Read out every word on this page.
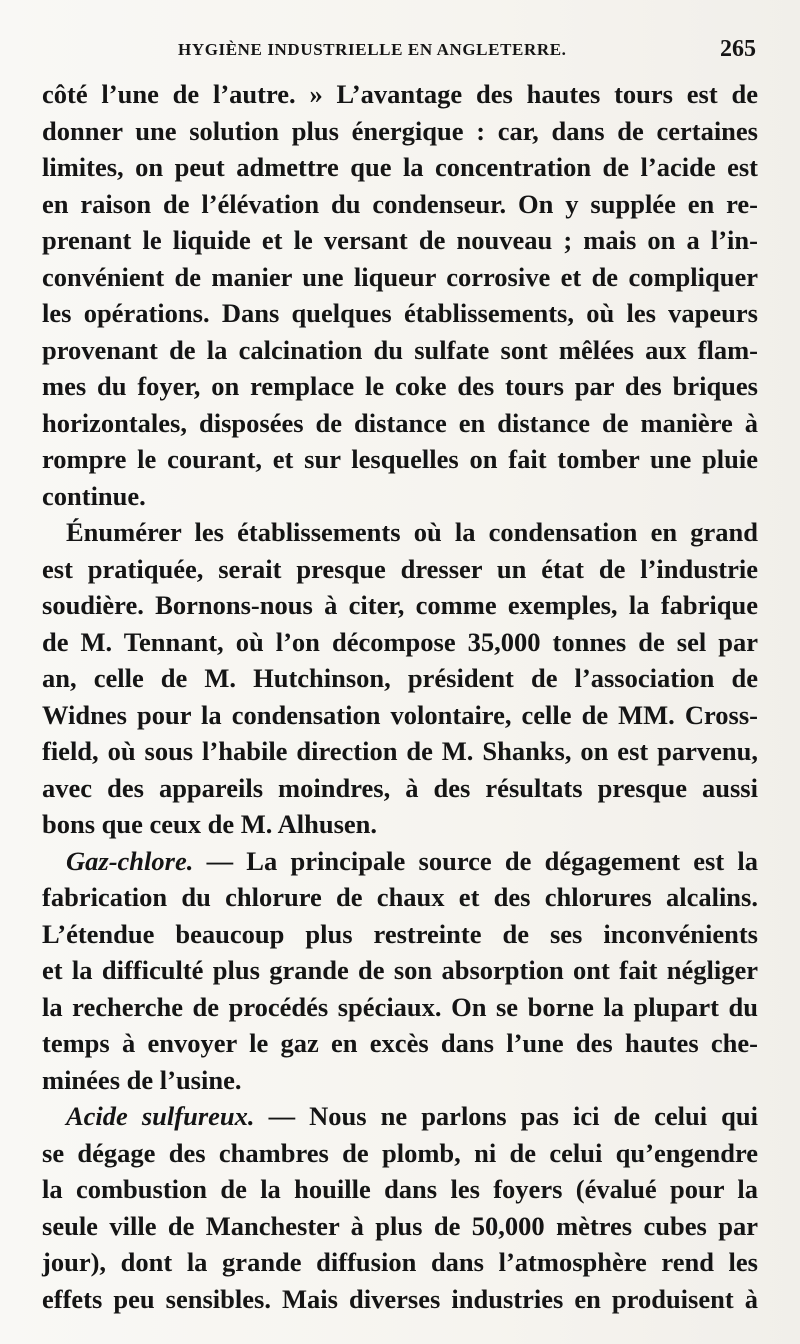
HYGIÈNE INDUSTRIELLE EN ANGLETERRE.	265
côté l’une de l’autre. » L’avantage des hautes tours est de
donner une solution plus énergique : car, dans de certaines
limites, on peut admettre que la concentration de l’acide est
en raison de l’élévation du condenseur. On y supplée en re-
prenant le liquide et le versant de nouveau ; mais on a l’in-
convénient de manier une liqueur corrosive et de compliquer
les opérations. Dans quelques établissements, où les vapeurs
provenant de la calcination du sulfate sont mêlées aux flam-
mes du foyer, on remplace le coke des tours par des briques
horizontales, disposées de distance en distance de manière à
rompre le courant, et sur lesquelles on fait tomber une pluie
continue.
Énumérer les établissements où la condensation en grand
est pratiquée, serait presque dresser un état de l’industrie
soudière. Bornons-nous à citer, comme exemples, la fabrique
de M. Tennant, où l’on décompose 35,000 tonnes de sel par
an, celle de M. Hutchinson, président de l’association de
Widnes pour la condensation volontaire, celle de MM. Cross-
field, où sous l’habile direction de M. Shanks, on est parvenu,
avec des appareils moindres, à des résultats presque aussi
bons que ceux de M. Alhusen.
Gaz-chlore. — La principale source de dégagement est la
fabrication du chlorure de chaux et des chlorures alcalins.
L’étendue beaucoup plus restreinte de ses inconvénients
et la difficulté plus grande de son absorption ont fait négliger
la recherche de procédés spéciaux. On se borne la plupart du
temps à envoyer le gaz en excès dans l’une des hautes che-
minées de l’usine.
Acide sulfureux. — Nous ne parlons pas ici de celui qui
se dégage des chambres de plomb, ni de celui qu’engendre
la combustion de la houille dans les foyers (évalué pour la
seule ville de Manchester à plus de 50,000 mètres cubes par
jour), dont la grande diffusion dans l’atmosphère rend les
effets peu sensibles. Mais diverses industries en produisent à
